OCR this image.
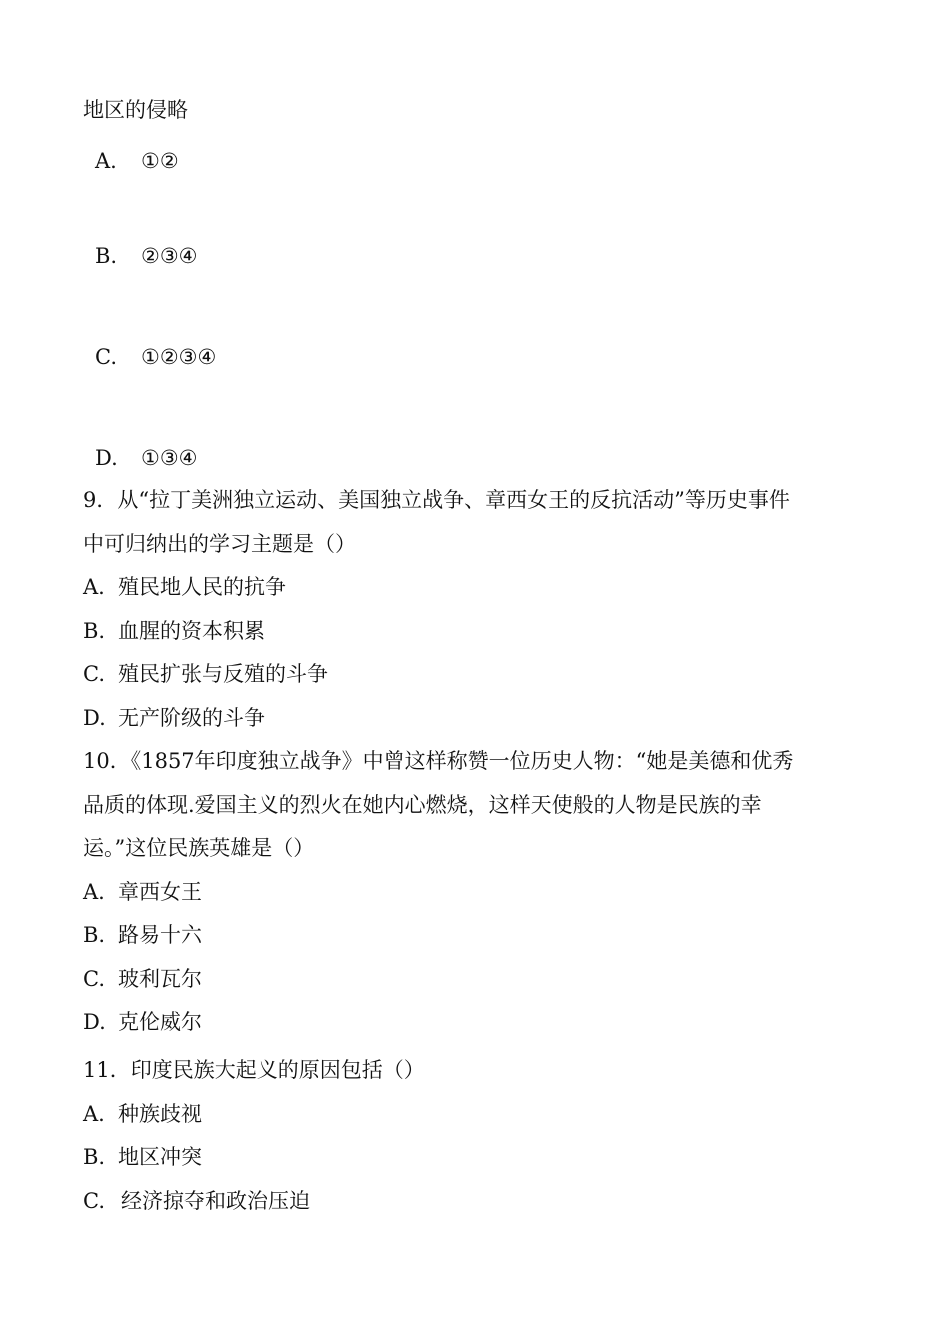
地区的侵略
A. ①②
B. ②③④
C. ①②③④
D. ①③④
9．从“拉丁美洲独立运动、美国独立战争、章西女王的反抗活动”等历史事件
中可归纳出的学习主题是（）
A. 殖民地人民的抗争
B. 血腥的资本积累
C. 殖民扩张与反殖的斗争
D. 无产阶级的斗争
10．《1857年印度独立战争》中曾这样称赞一位历史人物：“她是美德和优秀
品质的体现.爱国主义的烈火在她内心燃烧，这样天使般的人物是民族的幸
运。”这位民族英雄是（）
A. 章西女王
B. 路易十六
C. 玻利瓦尔
D. 克伦威尔
11．印度民族大起义的原因包括（）
A. 种族歧视
B. 地区冲突
C. 经济掠夺和政治压迫
